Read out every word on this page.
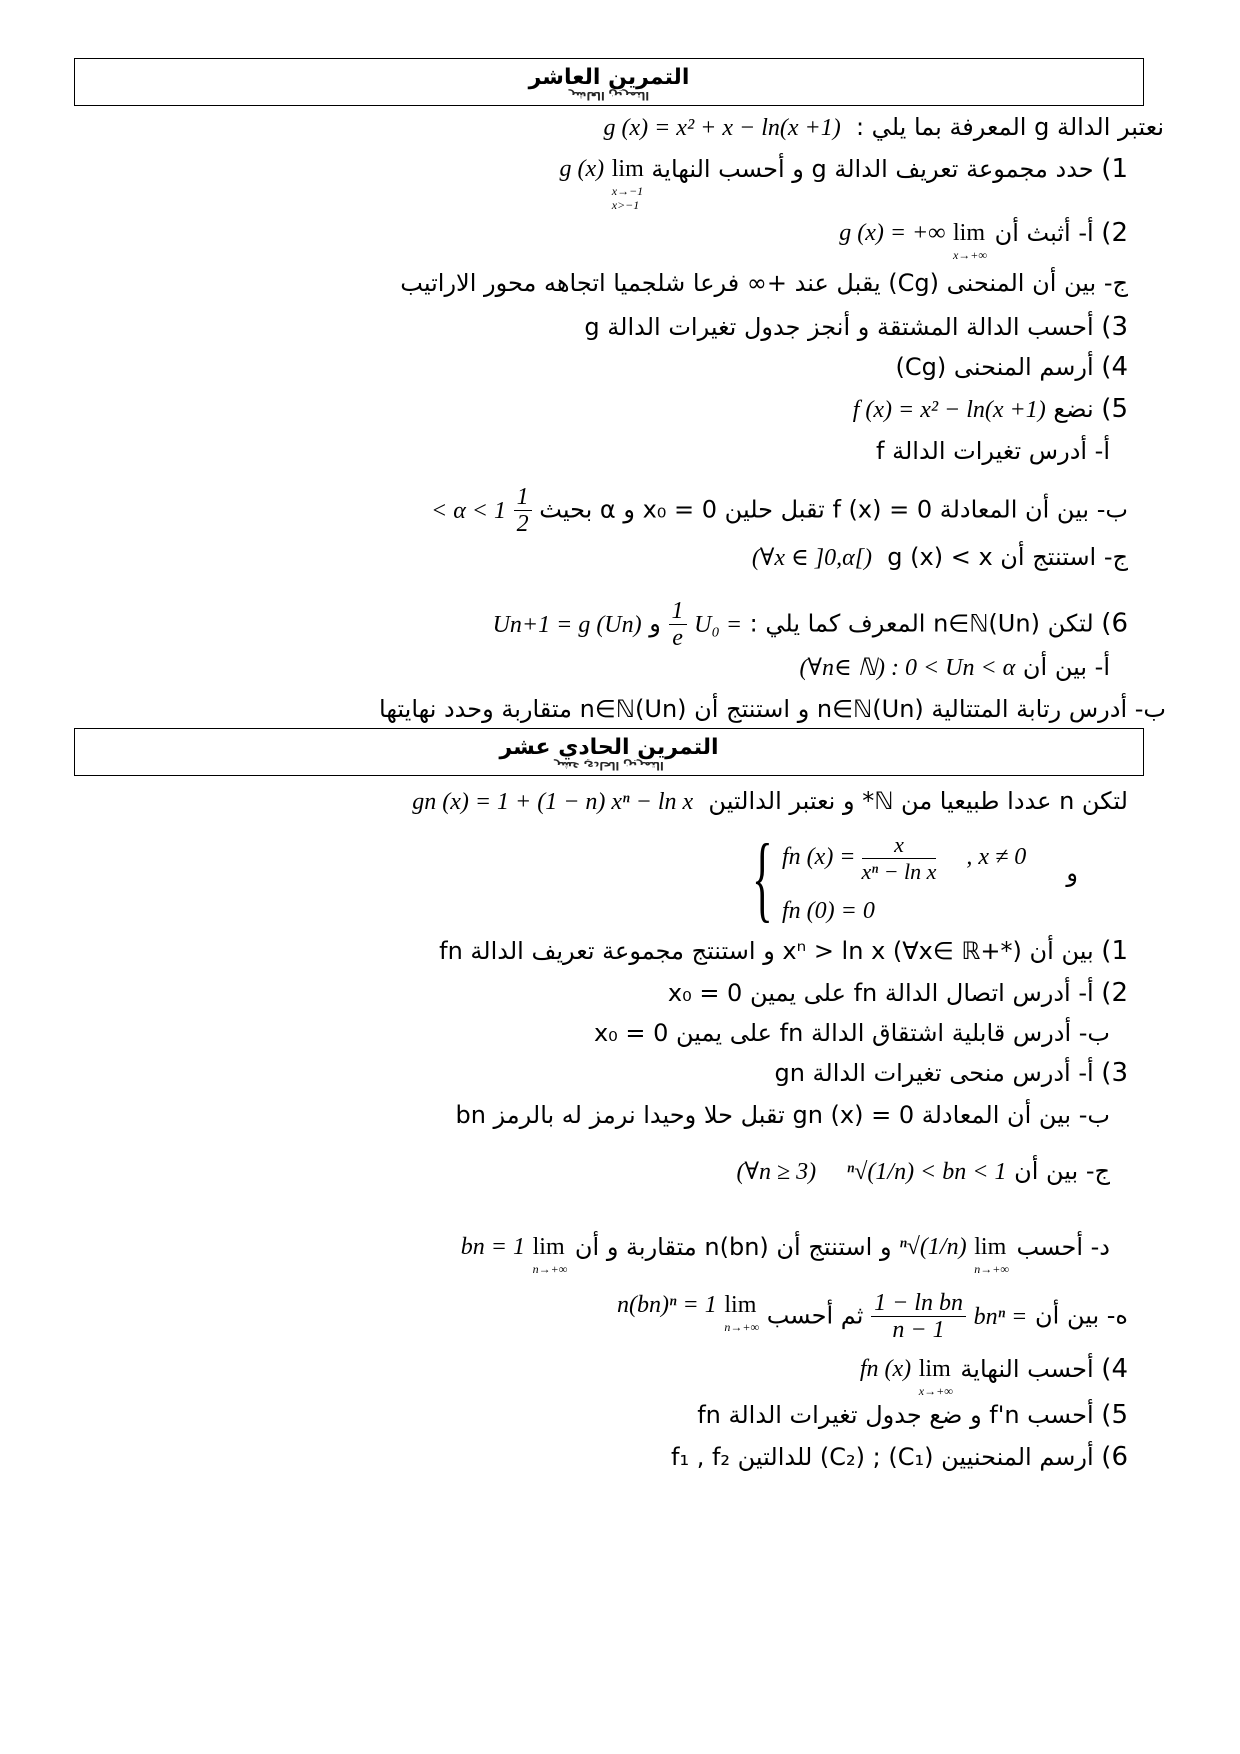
التمرين العاشر
التمرين العاشر
نعتبر الدالة g المعرفة بما يلي :  g (x) = x² + x − ln(x +1)
1) حدد مجموعة تعريف الدالة g و أحسب النهاية lim
x→−1
x>−1
g (x)
2) أ- أثبث أن lim
x→+∞
g (x) = +∞
ج- بين أن المنحنى (Cg) يقبل عند +∞ فرعا شلجميا اتجاهه محور الاراتيب
3) أحسب الدالة المشتقة و أنجز جدول تغيرات الدالة g
4) أرسم المنحنى (Cg)
5) نضع f (x) = x² − ln(x +1)
أ- أدرس تغيرات الدالة f
ب- بين أن المعادلة f (x) = 0 تقبل حلين x₀ = 0 و α بحيث
$\frac{1}{2}$
< α < 1
ج- استنتج أن g (x) < x  (∀x ∈ ]0,α[)
6) لتكن (Un)n∈ℕ المعرف كما يلي : U₀ =
$\frac{1}{e}$
و Un+1 = g (Un)
أ- بين أن (∀n∈ ℕ) : 0 < Un < α
ب- أدرس رتابة المتتالية (Un)n∈ℕ و استنتج أن (Un)n∈ℕ متقاربة وحدد نهايتها
التمرين الحادي عشر
التمرين الحادي عشر
لتكن n عددا طبيعيا من ℕ* و نعتبر الدالتين  gn (x) = 1 + (1 − n) xⁿ − ln x
و
{ fn $(x) = \frac{x}{\text{xⁿ − ln x}}$ , x ≠ 0
fn (0) = 0
1) بين أن xⁿ > ln x (∀x∈ ℝ+*) و استنتج مجموعة تعريف الدالة fn
2) أ- أدرس اتصال الدالة fn على يمين x₀ = 0
ب- أدرس قابلية اشتقاق الدالة fn على يمين x₀ = 0
3) أ- أدرس منحى تغيرات الدالة gn
ب- بين أن المعادلة gn (x) = 0 تقبل حلا وحيدا نرمز له بالرمز bn
ج- بين أن ⁿ√(1/n) < bn < 1    (∀n ≥ 3)
د- أحسب lim
n→+∞
ⁿ√(1/n) و استنتج أن (bn)n متقاربة و أن lim
n→+∞
bn = 1
ه- بين أن bnⁿ =
$\frac{\text{1 − ln bn}}{n - 1}$
ثم أحسب lim
n→+∞
n(bn)ⁿ = 1
4) أحسب النهاية lim
x→+∞
fn (x)
5) أحسب f'n و ضع جدول تغيرات الدالة fn
6) أرسم المنحنيين (C₁) ; (C₂) للدالتين f₁ , f₂
